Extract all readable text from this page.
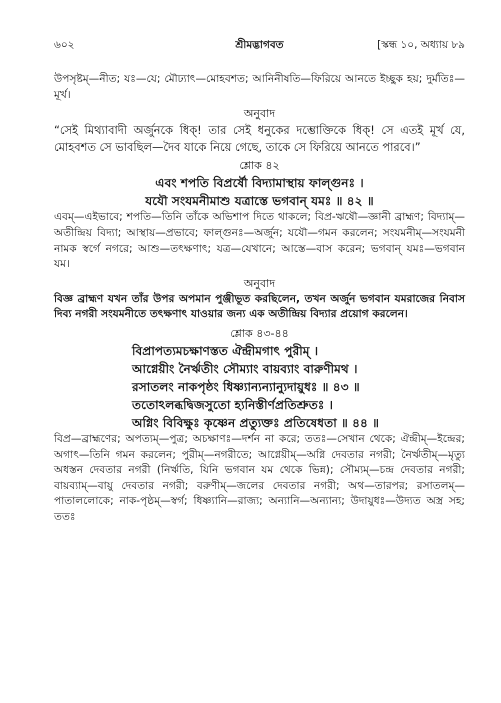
৬০২	শ্রীমদ্ভাগবত	[স্কন্ধ ১০, অধ্যায় ৮৯

উপসৃষ্টম্—নীত; যঃ—যে; মৌঢ্যাৎ—মোহবশত; আনিনীষতি—ফিরিয়ে আনতে ইচ্ছুক হয়; দুর্মতিঃ—মূর্খ।

অনুবাদ

“সেই মিথ্যাবাদী অর্জুনকে ধিক্! তার সেই ধনুকের দম্ভোক্তিকে ধিক্! সে এতই মূর্খ যে, মোহবশত সে ভাবছিল—দৈব যাকে নিয়ে গেছে, তাকে সে ফিরিয়ে আনতে পারবে।”

শ্লোক ৪২
এবং শপতি বিপ্রর্ষৌ বিদ্যামাস্থায় ফাল্গুনঃ ।
যযৌ সংযমনীমাশু যত্রাস্তে ভগবান্ যমঃ ॥ ৪২ ॥

এবম্—এইভাবে; শপতি—তিনি তাঁকে অভিশাপ দিতে থাকলে; বিপ্র-ঋষৌ—জ্ঞানী ব্রাহ্মণ; বিদ্যাম্—অতীন্দ্রিয় বিদ্যা; আস্থায়—প্রভাবে; ফাল্গুনঃ—অর্জুন; যযৌ—গমন করলেন; সংযমনীম্—সংযমনী নামক স্বর্গে নগরে; আশু—তৎক্ষণাৎ; যত্র—যেখানে; আস্তে—বাস করেন; ভগবান্ যমঃ—ভগবান যম।

অনুবাদ

বিজ্ঞ ব্রাহ্মণ যখন তাঁর উপর অপমান পুঞ্জীভূত করছিলেন, তখন অর্জুন ভগবান যমরাজের নিবাস দিব্য নগরী সংযমনীতে তৎক্ষণাৎ যাওয়ার জন্য এক অতীন্দ্রিয় বিদ্যার প্রয়োগ করলেন।

শ্লোক ৪৩-৪৪
বিপ্রাপত্যমচক্ষাণস্তত ঐন্দ্রীমগাৎ পুরীম্ ।
আগ্নেয়ীং নৈর্ঋতীং সৌম্যাং বায়ব্যাং বারুণীমথ ।
রসাতলং নাকপৃষ্ঠং ধিষ্ণ্যান্যন্যান্যুদায়ুধঃ ॥ ৪৩ ॥
ততোঽলব্ধদ্বিজসুতো হ্যনিস্তীর্ণপ্রতিশ্রুতঃ ।
অগ্নিং বিবিক্ষুঃ কৃষ্ণেন প্রত্যুক্তঃ প্রতিষেধতা ॥ ৪৪ ॥

বিপ্র—ব্রাহ্মণের; অপত্যম্—পুত্র; অচক্ষাণঃ—দর্শন না করে; ততঃ—সেখান থেকে; ঐন্দ্রীম্—ইন্দ্রের; অগাৎ—তিনি গমন করলেন; পুরীম্—নগরীতে; আগ্নেয়ীম্—অগ্নি দেবতার নগরী; নৈর্ঋতীম্—মৃত্যু অধস্তন দেবতার নগরী (নির্ঋতি, যিনি ভগবান যম থেকে ভিন্ন); সৌম্যম্—চন্দ্র দেবতার নগরী; বায়ব্যাম্—বায়ু দেবতার নগরী; বরুণীম্—জলের দেবতার নগরী; অথ—তারপর; রসাতলম্—পাতাললোকে; নাক-পৃষ্ঠম্—স্বর্গ; ধিষ্ণ্যানি—রাজ্য; অন্যানি—অন্যান্য; উদায়ুধঃ—উদ্যত অস্ত্র সহ; ততঃ
